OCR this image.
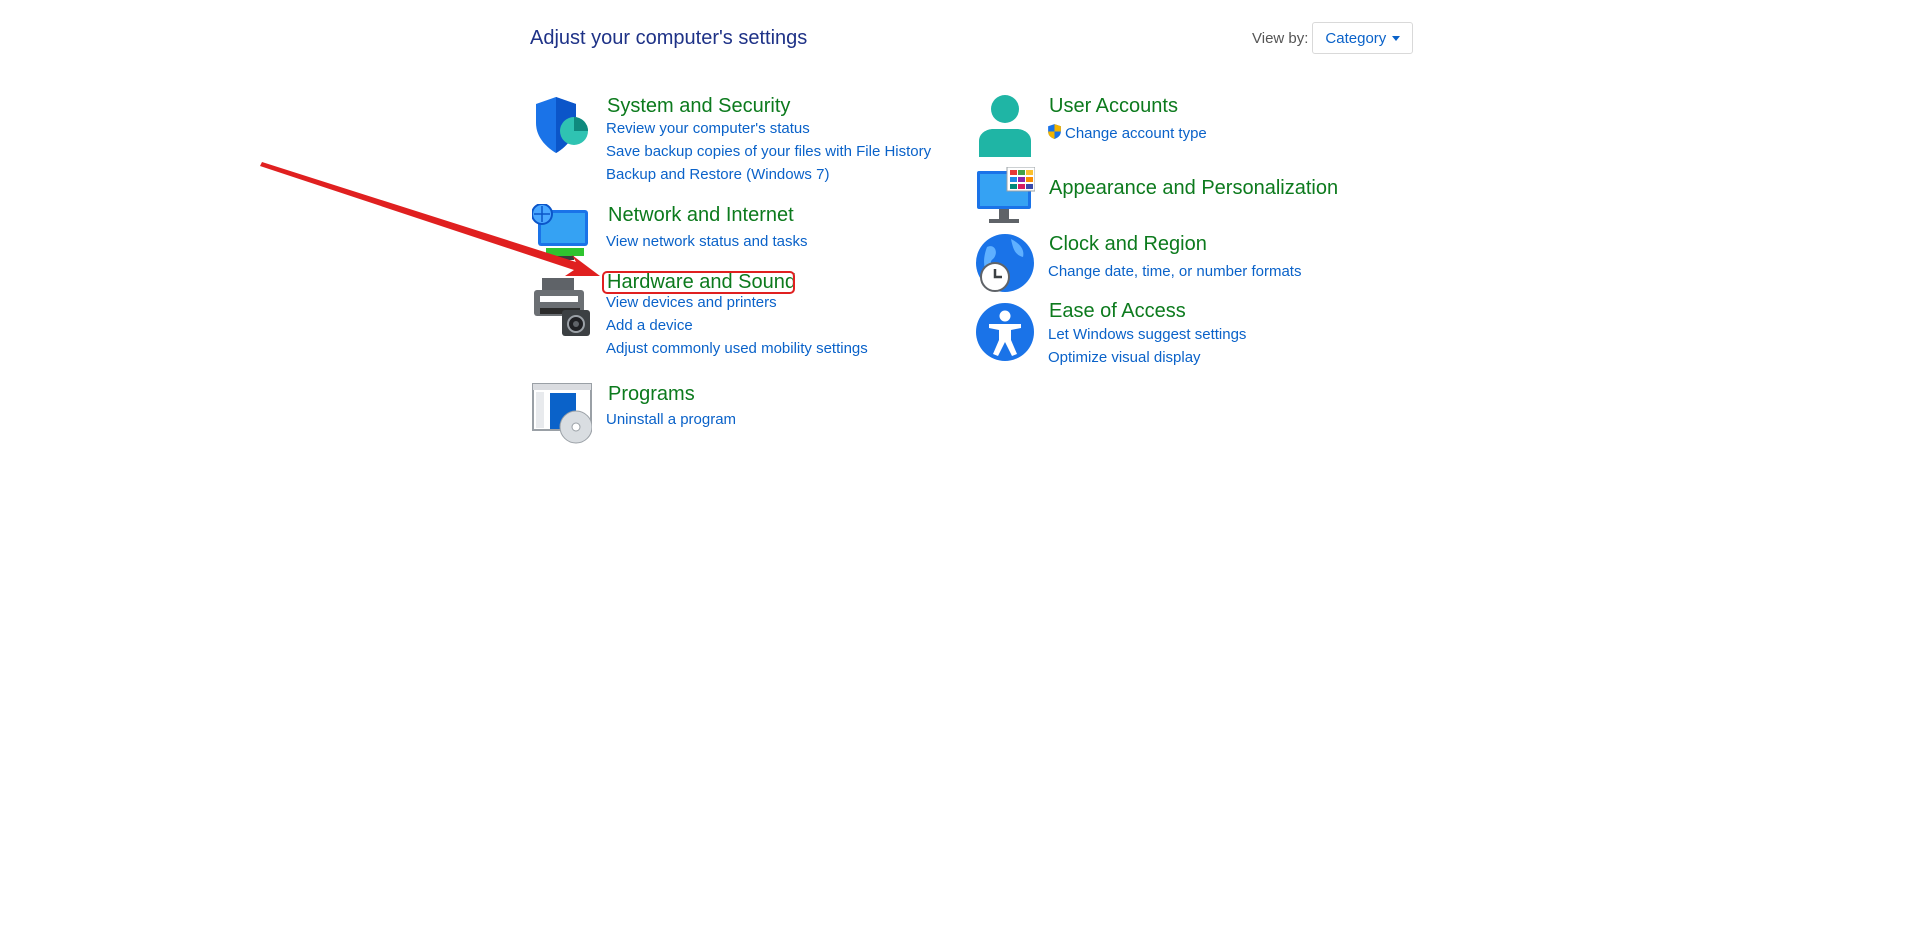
Adjust your computer's settings	View by: Category
System and Security
Review your computer's status
Save backup copies of your files with File History
Backup and Restore (Windows 7)
Network and Internet
View network status and tasks
Hardware and Sound
View devices and printers
Add a device
Adjust commonly used mobility settings
Programs
Uninstall a program
User Accounts
Change account type
Appearance and Personalization
Clock and Region
Change date, time, or number formats
Ease of Access
Let Windows suggest settings
Optimize visual display
